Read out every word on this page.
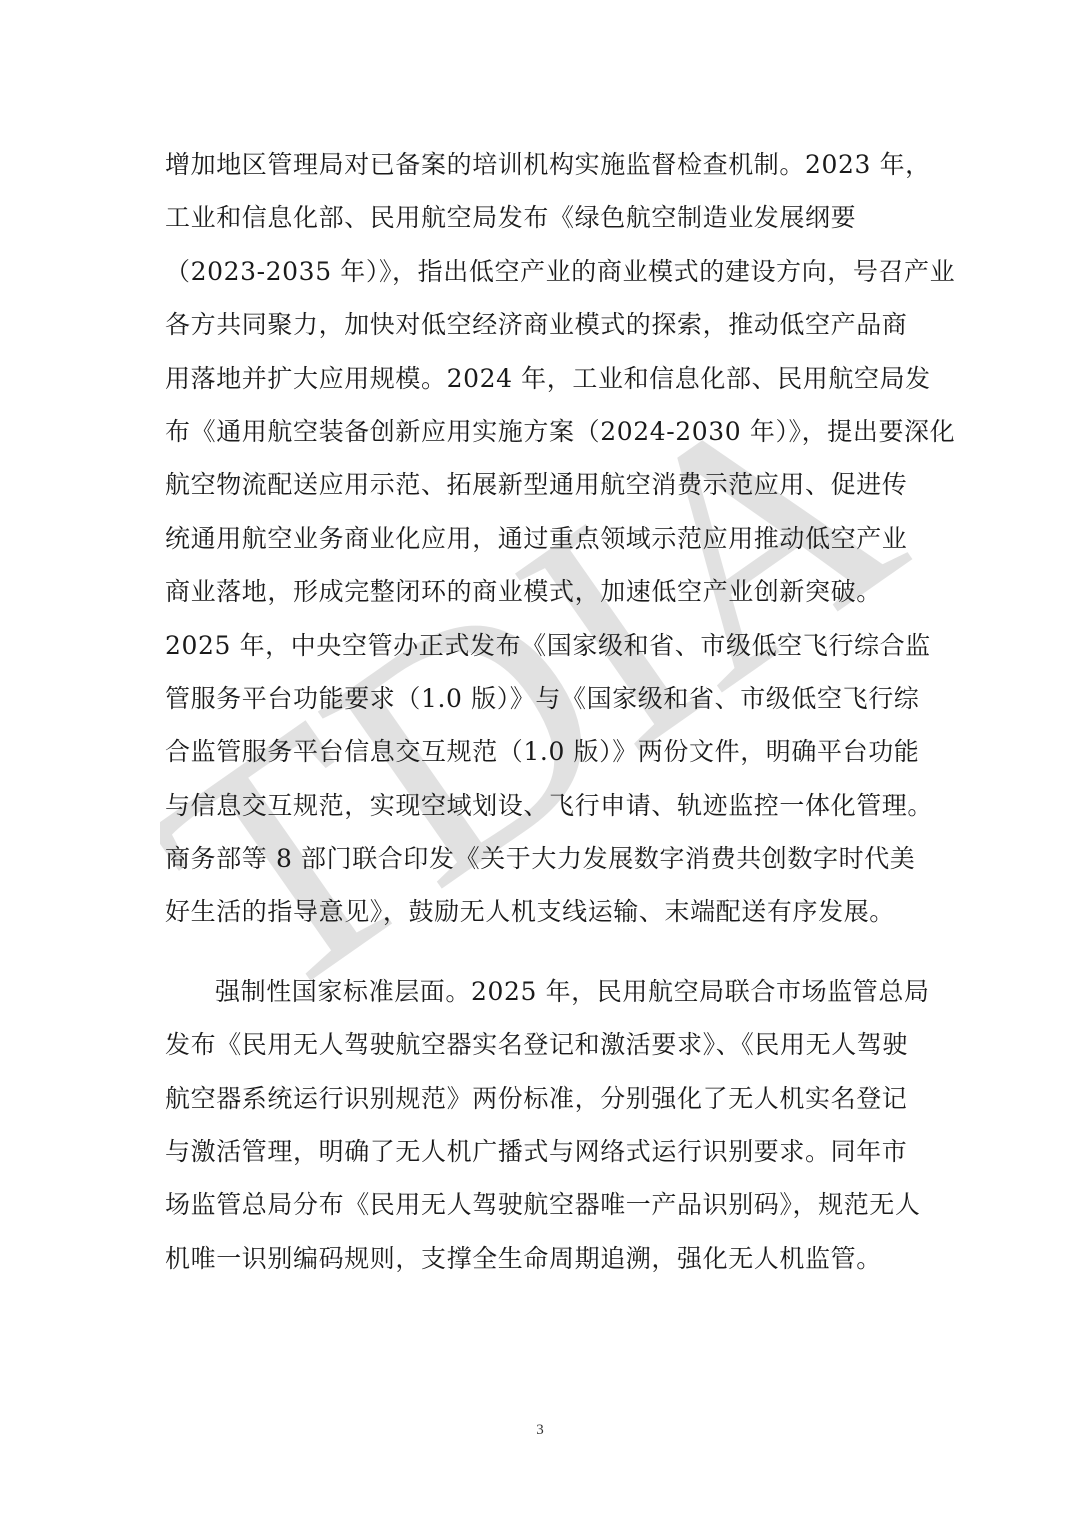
TDIA
增加地区管理局对已备案的培训机构实施监督检查机制。2023 年，
工业和信息化部、民用航空局发布《绿色航空制造业发展纲要
（2023-2035 年）》，指出低空产业的商业模式的建设方向，号召产业
各方共同聚力，加快对低空经济商业模式的探索，推动低空产品商
用落地并扩大应用规模。2024 年，工业和信息化部、民用航空局发
布《通用航空装备创新应用实施方案（2024-2030 年）》，提出要深化
航空物流配送应用示范、拓展新型通用航空消费示范应用、促进传
统通用航空业务商业化应用，通过重点领域示范应用推动低空产业
商业落地，形成完整闭环的商业模式，加速低空产业创新突破。
2025 年，中央空管办正式发布《国家级和省、市级低空飞行综合监
管服务平台功能要求（1.0 版）》与《国家级和省、市级低空飞行综
合监管服务平台信息交互规范（1.0 版）》两份文件，明确平台功能
与信息交互规范，实现空域划设、飞行申请、轨迹监控一体化管理。
商务部等 8 部门联合印发《关于大力发展数字消费共创数字时代美
好生活的指导意见》，鼓励无人机支线运输、末端配送有序发展。
强制性国家标准层面。2025 年，民用航空局联合市场监管总局
发布《民用无人驾驶航空器实名登记和激活要求》、《民用无人驾驶
航空器系统运行识别规范》两份标准，分别强化了无人机实名登记
与激活管理，明确了无人机广播式与网络式运行识别要求。同年市
场监管总局分布《民用无人驾驶航空器唯一产品识别码》，规范无人
机唯一识别编码规则，支撑全生命周期追溯，强化无人机监管。
3
